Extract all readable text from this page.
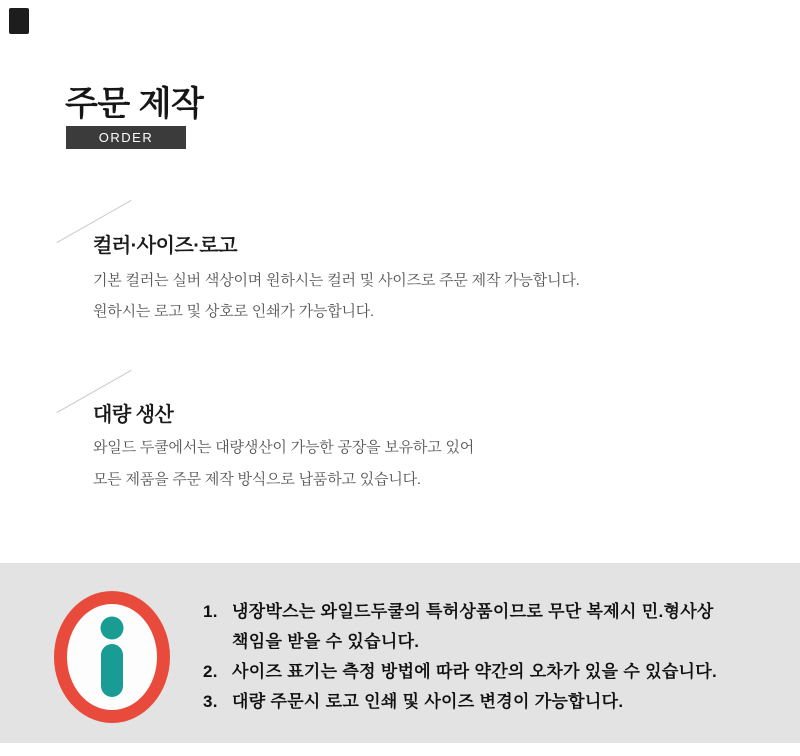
주문 제작
ORDER
컬러·사이즈·로고

기본 컬러는 실버 색상이며 원하시는 컬러 및 사이즈로 주문 제작 가능합니다.

원하시는 로고 및 상호로 인쇄가 가능합니다.

대량 생산

와일드 두쿨에서는 대량생산이 가능한 공장을 보유하고 있어

모든 제품을 주문 제작 방식으로 납품하고 있습니다.

1. 냉장박스는 와일드두쿨의 특허상품이므로 무단 복제시 민.형사상
책임을 받을 수 있습니다.
2. 사이즈 표기는 측정 방법에 따라 약간의 오차가 있을 수 있습니다.
3. 대량 주문시 로고 인쇄 및 사이즈 변경이 가능합니다.
